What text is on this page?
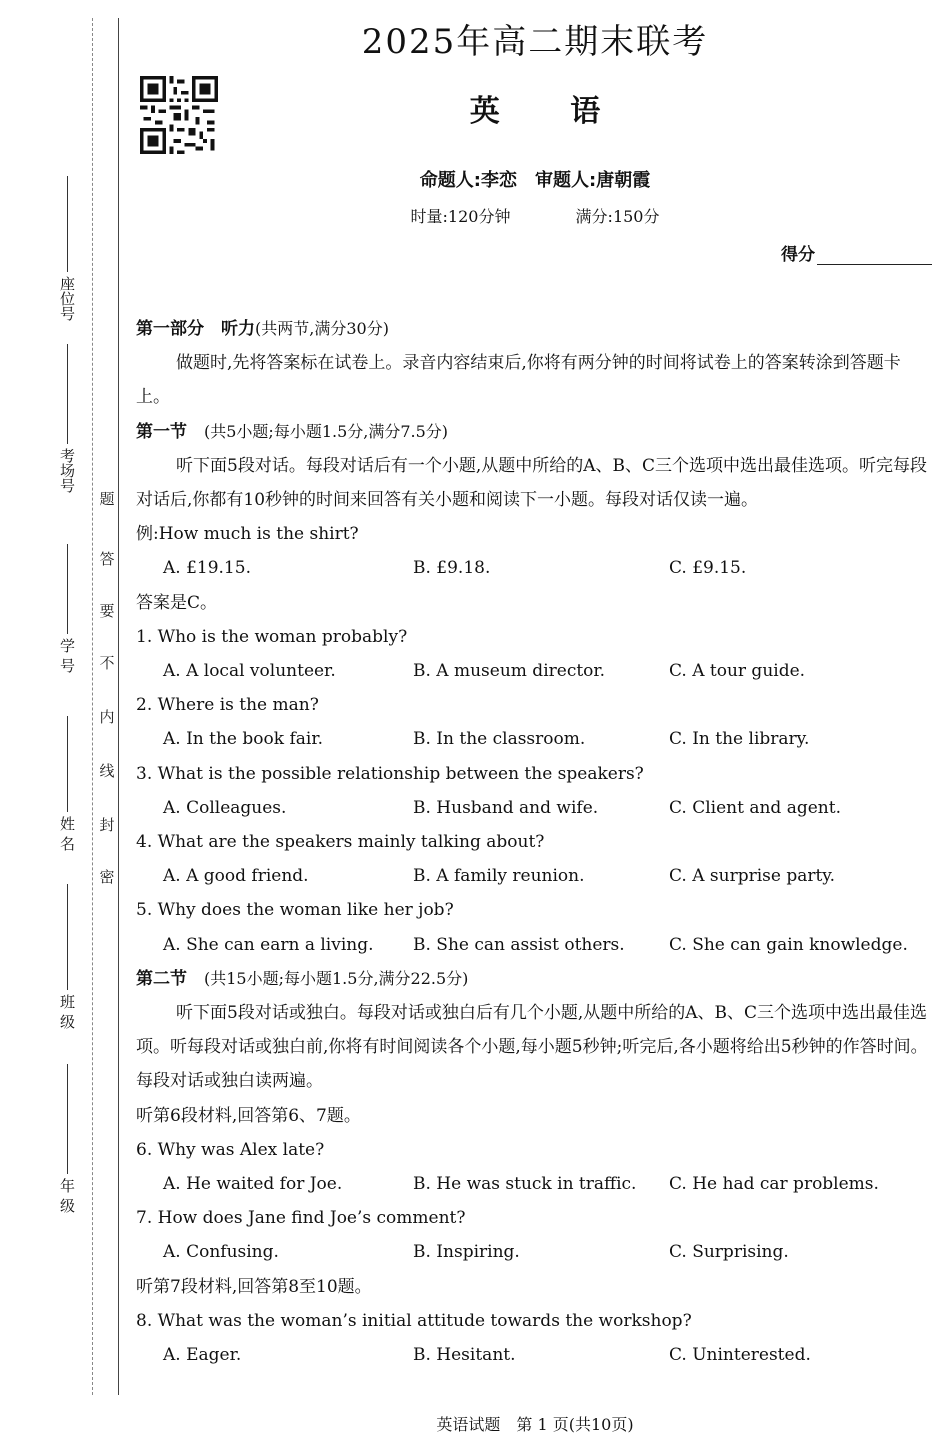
座位号
考场号
学 号
姓 名
班 级
年 级
题
答
要
不
内
线
封
密
2025年高二期末联考
英 语
命题人:李恋　审题人:唐朝霞
时量:120分钟	满分:150分
得分

第一部分　听力(共两节,满分30分)

做题时,先将答案标在试卷上。录音内容结束后,你将有两分钟的时间将试卷上的答案转涂到答题卡上。

第一节　 (共5小题;每小题1.5分,满分7.5分)

听下面5段对话。每段对话后有一个小题,从题中所给的A、B、C三个选项中选出最佳选项。听完每段对话后,你都有10秒钟的时间来回答有关小题和阅读下一小题。每段对话仅读一遍。

例:How much is the shirt?

A. £19.15.	B. £9.18.	C. £9.15.

答案是C。

1. Who is the woman probably?

A. A local volunteer.	B. A museum director.	C. A tour guide.

2. Where is the man?

A. In the book fair.	B. In the classroom.	C. In the library.

3. What is the possible relationship between the speakers?

A. Colleagues.	B. Husband and wife.	C. Client and agent.

4. What are the speakers mainly talking about?

A. A good friend.	B. A family reunion.	C. A surprise party.

5. Why does the woman like her job?

A. She can earn a living.	B. She can assist others.	C. She can gain knowledge.

第二节　 (共15小题;每小题1.5分,满分22.5分)

听下面5段对话或独白。每段对话或独白后有几个小题,从题中所给的A、B、C三个选项中选出最佳选项。听每段对话或独白前,你将有时间阅读各个小题,每小题5秒钟;听完后,各小题将给出5秒钟的作答时间。每段对话或独白读两遍。

听第6段材料,回答第6、7题。

6. Why was Alex late?

A. He waited for Joe.	B. He was stuck in traffic.	C. He had car problems.

7. How does Jane find Joe’s comment?

A. Confusing.	B. Inspiring.	C. Surprising.

听第7段材料,回答第8至10题。

8. What was the woman’s initial attitude towards the workshop?

A. Eager.	B. Hesitant.	C. Uninterested.
英语试题　第 1 页(共10页)
